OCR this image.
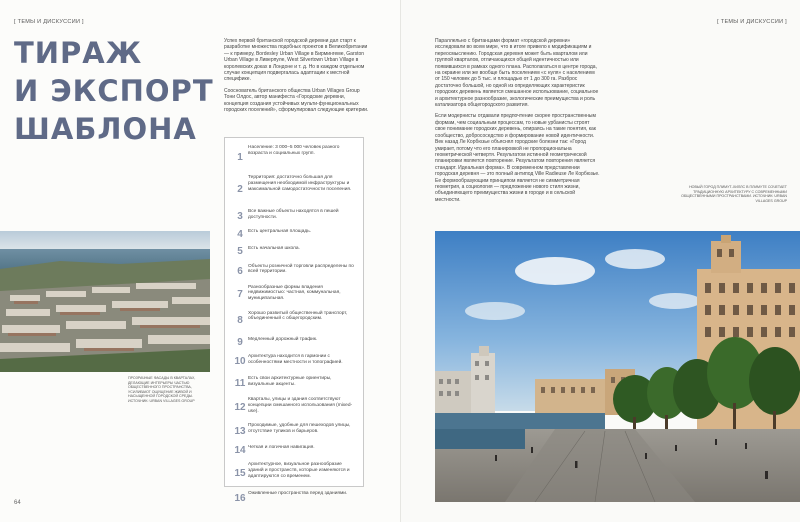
[ ТЕМЫ И ДИСКУССИИ ]
ТИРАЖ
И ЭКСПОРТ
ШАБЛОНА

Успех первой британской городской деревни дал старт к разработке множества подобных проектов в Великобритании — к примеру, Bordesley Urban Village в Бирмингеме, Garston Urban Village в Ливерпуле, West Silvertown Urban Village в королевских доках в Лондоне и т. д. Но в каждом отдельном случае концепция подвергалась адаптации к местной специфике.

Сооснователь британского общества Urban Villages Group Тони Олдос, автор манифеста «Городские деревни, концепция создания устойчивых мульти-функциональных городских поселений», сформулировал следующие критерии.

ПРОЗРАЧНЫЕ ФАСАДЫ В КВАРТАЛАХ, ДЕЛАЮЩИЕ ИНТЕРЬЕРЫ ЧАСТЬЮ ОБЩЕСТВЕННОГО ПРОСТРАНСТВА, УСИЛИВАЮТ ОЩУЩЕНИЕ ЖИВОЙ И НАСЫЩЕННОЙ ГОРОДСКОЙ СРЕДЫ. ИСТОЧНИК: URBAN VILLAGES GROUP
1
Население: 3 000–5 000 человек разного возраста и социальных групп.
2
Территория: достаточно большая для размещения необходимой инфраструктуры и максимальной самодостаточности поселения.
3	Все важные объекты находятся в пешей доступности.
4	Есть центральная площадь.
5	Есть начальная школа.
6	Объекты розничной торговли распределены по всей территории.
7
Разнообразные формы владения недвижимостью: частная, коммунальная, муниципальная.
8
Хорошо развитый общественный транспорт, объединенный с общегородским.
9	Медленный дорожный трафик.
10 Архитектура находится в гармонии с особенностями местности и топографией.
11 Есть свои архитектурные ориентиры, визуальные акценты.
12
Кварталы, улицы и здания соответствуют концепции смешанного использования (mixed-use).
13 Проходимые, удобные для пешеходов улицы, отсутствие тупиков и барьеров.
14 Четкая и логичная навигация.
15
Архитектурное, визуальное разнообразие зданий и пространств, которые изменяются и адаптируются со временем.
16 Оживленные пространства перед зданиями.
64
[ ТЕМЫ И ДИСКУССИИ ]

Параллельно с британцами формат «городской деревни» исследовали во всем мире, что в итоге привело к модификациям и переосмыслению. Городская деревня может быть кварталом или группой кварталов, отличающихся общей идентичностью или появившихся в рамках одного плана. Располагаться в центре города, на окраине или же вообще быть поселением «с нуля» с населением от 150 человек до 5 тыс. и площадью от 1 до 300 га. Разброс достаточно большой, но одной из определяющих характеристик городских деревень является смешанное использование, социальное и архитектурное разнообразие, экологические преимущества и роль катализатора общегородского развития.

Если модернисты отдавали предпочтение скорее пространственным формам, чем социальным процессам, то новые урбанисты строят свое понимание городских деревень, опираясь на такие понятия, как сообщество, добрососедство и формирование новой идентичности. Век назад Ле Корбюзье объяснял городские болезни так: «Город умирает, потому что его планировкой не пропорциональна геометрической четвертя. Результатом истинной геометрической планировки является повторение. Результатом повторения является стандарт. Идеальная форма». В современном представлении городская деревня — это полный антипод Ville Radieuse Ле Корбюзье. Ее формообразующим принципом является не симметричная геометрия, а социология — предложение нового стиля жизни, объединяющего преимущества жизни в городе и в сельской местности.

НОВЫЙ ГОРОД ПЛИМУТ-ХИЛЛС В ПЛИМУТЕ СОЧЕТАЕТ ТРАДИЦИОННУЮ АРХИТЕКТУРУ С СОВРЕМЕННЫМИ ОБЩЕСТВЕННЫМИ ПРОСТРАНСТВАМИ. ИСТОЧНИК: URBAN VILLAGES GROUP
